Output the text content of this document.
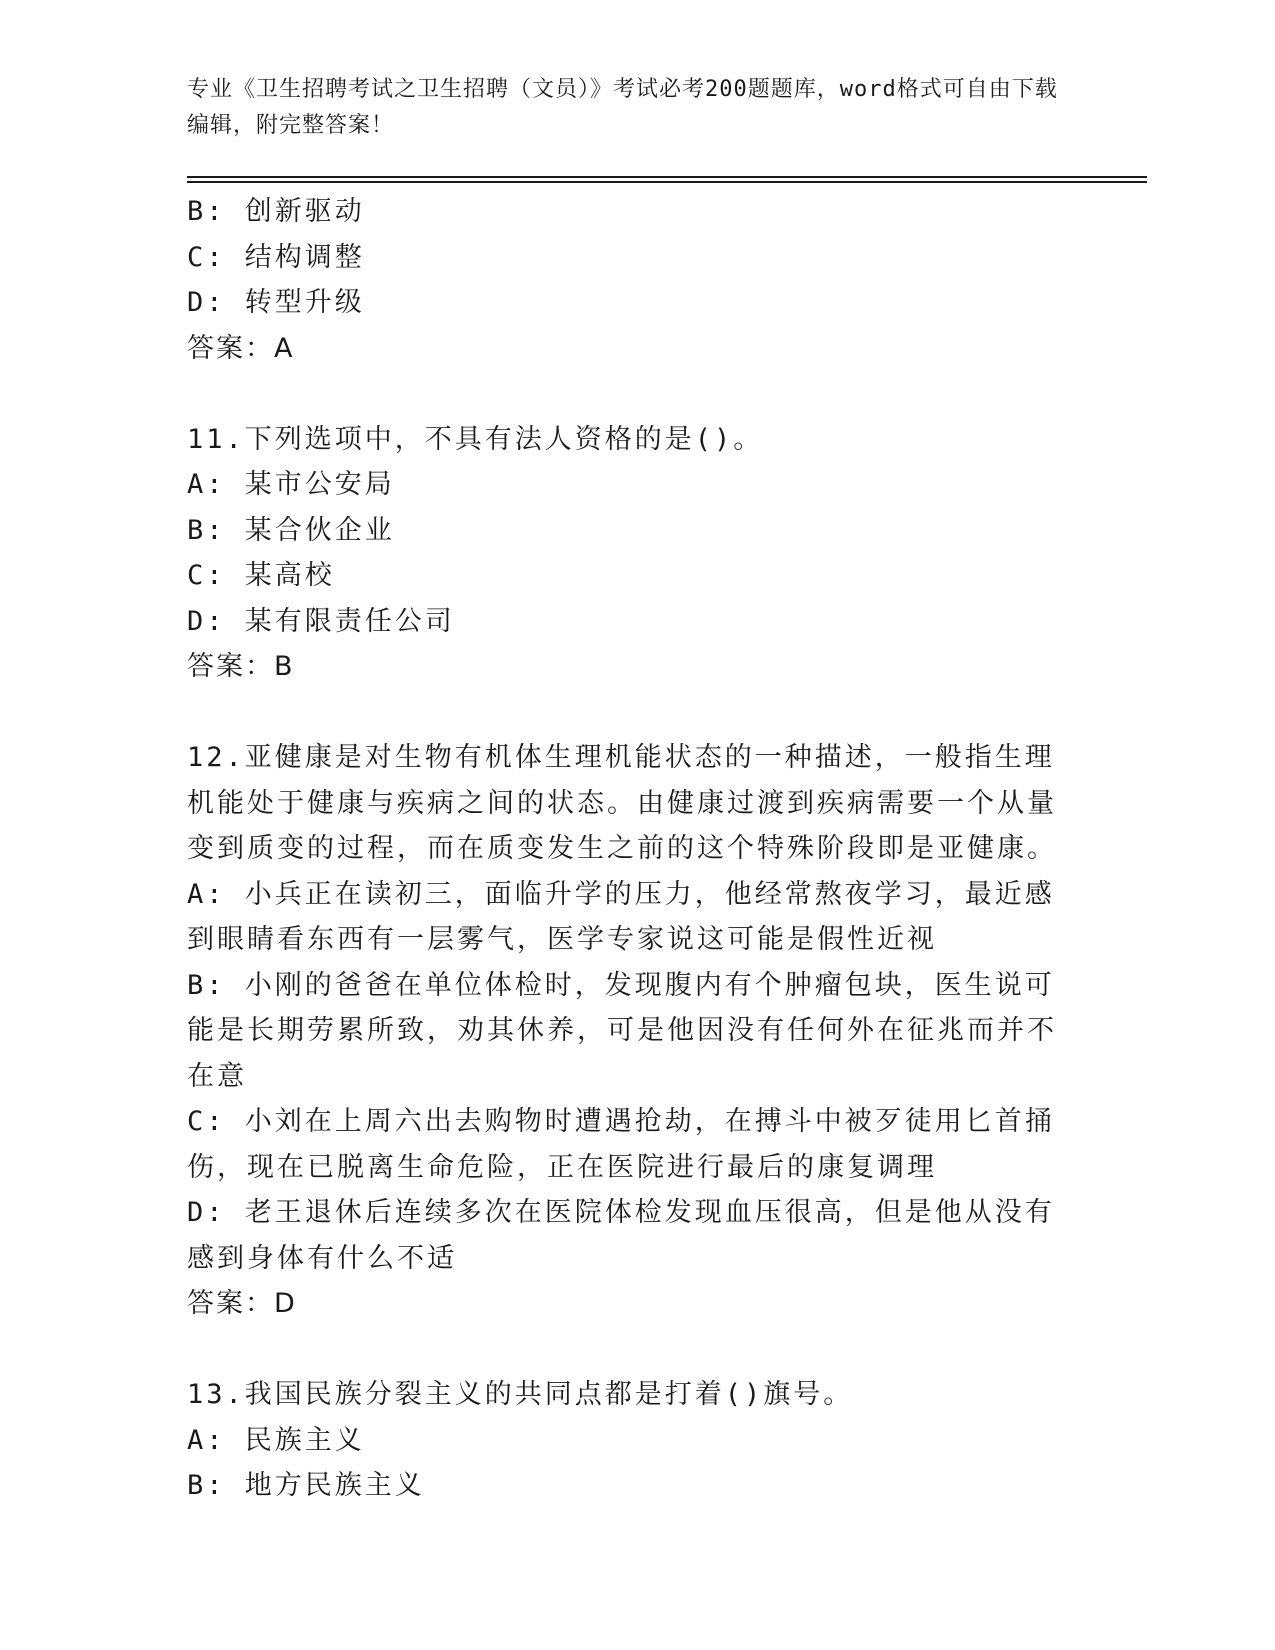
专业《卫生招聘考试之卫生招聘（文员）》考试必考200题题库，word格式可自由下载编辑，附完整答案！
B: 创新驱动
C: 结构调整
D: 转型升级
答案：A
11.下列选项中，不具有法人资格的是()。
A: 某市公安局
B: 某合伙企业
C: 某高校
D: 某有限责任公司
答案：B
12.亚健康是对生物有机体生理机能状态的一种描述，一般指生理机能处于健康与疾病之间的状态。由健康过渡到疾病需要一个从量变到质变的过程，而在质变发生之前的这个特殊阶段即是亚健康。
A: 小兵正在读初三，面临升学的压力，他经常熬夜学习，最近感到眼睛看东西有一层雾气，医学专家说这可能是假性近视
B: 小刚的爸爸在单位体检时，发现腹内有个肿瘤包块，医生说可能是长期劳累所致，劝其休养，可是他因没有任何外在征兆而并不在意
C: 小刘在上周六出去购物时遭遇抢劫，在搏斗中被歹徒用匕首捅伤，现在已脱离生命危险，正在医院进行最后的康复调理
D: 老王退休后连续多次在医院体检发现血压很高，但是他从没有感到身体有什么不适
答案：D
13.我国民族分裂主义的共同点都是打着()旗号。
A: 民族主义
B: 地方民族主义
